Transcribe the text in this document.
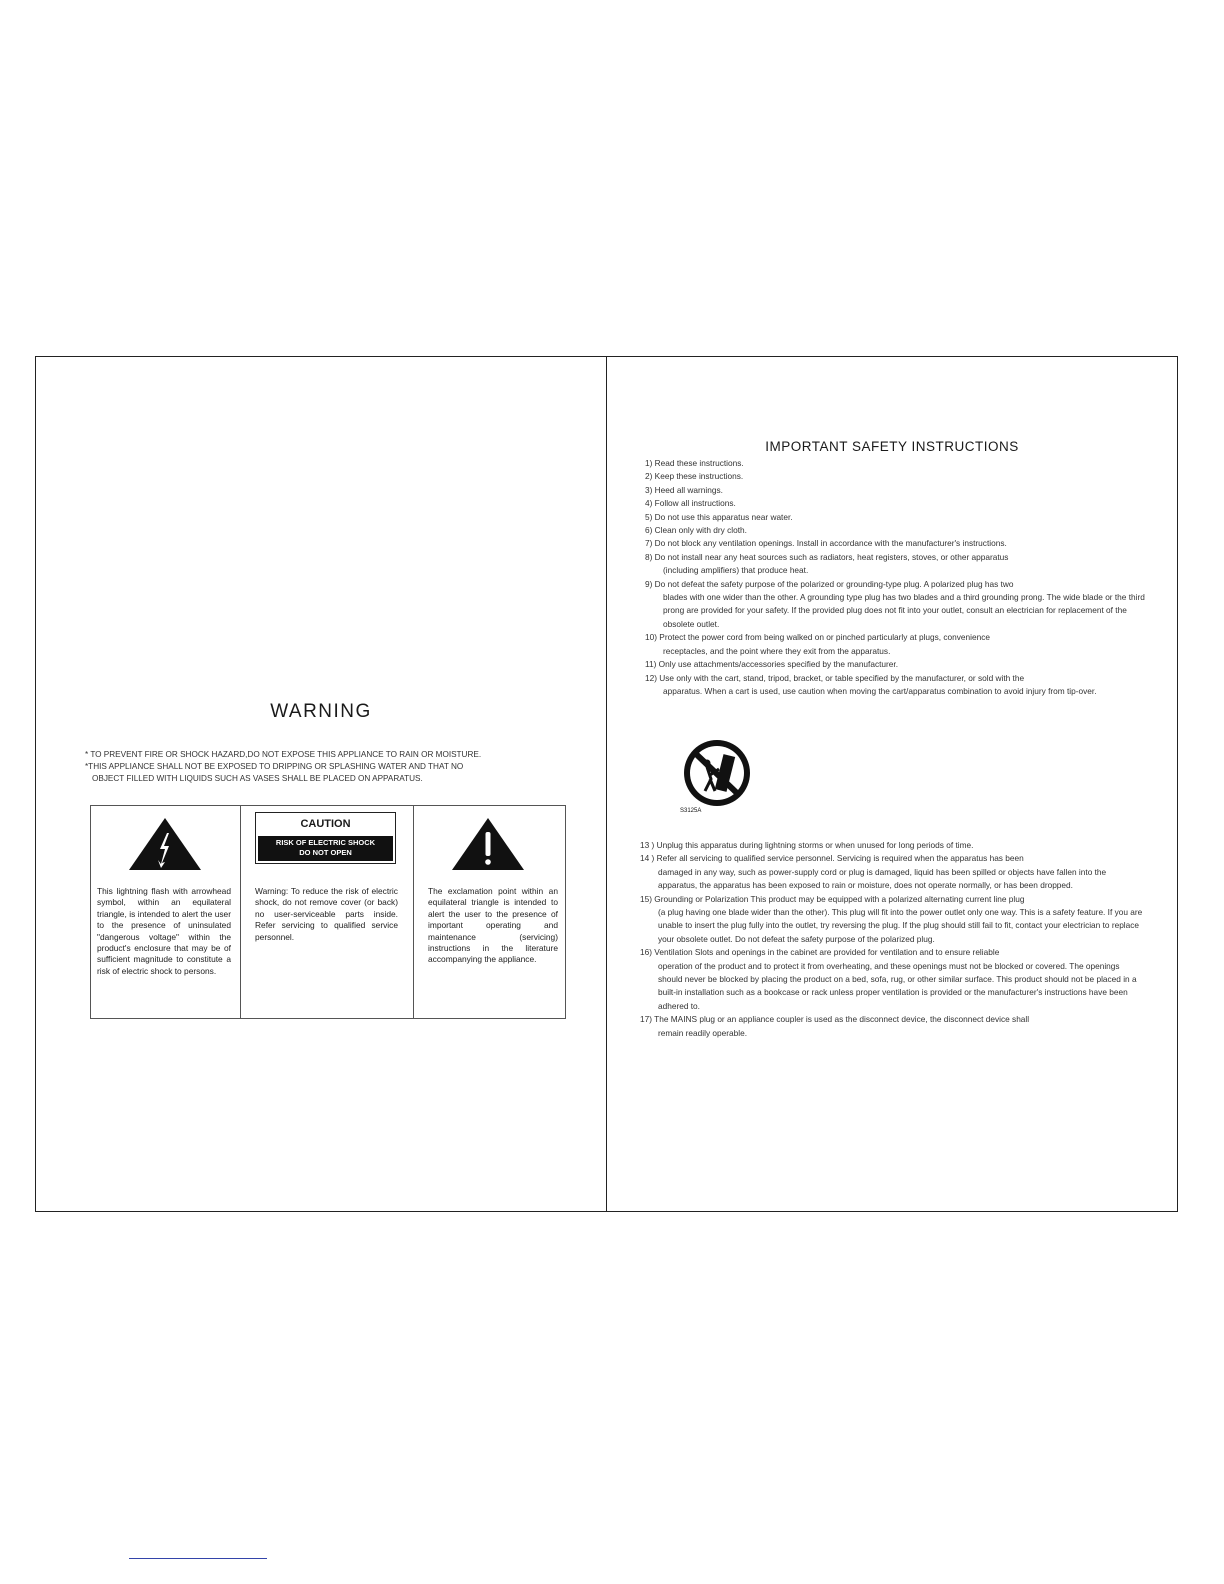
WARNING
* TO PREVENT FIRE OR SHOCK HAZARD,DO NOT EXPOSE THIS APPLIANCE TO RAIN OR MOISTURE.
*THIS APPLIANCE SHALL NOT BE EXPOSED TO DRIPPING OR SPLASHING WATER AND THAT NO
OBJECT FILLED WITH LIQUIDS SUCH AS VASES SHALL BE PLACED ON APPARATUS.
This lightning flash with arrowhead symbol, within an equilateral triangle, is intended to alert the user to the presence of uninsulated "dangerous voltage" within the product's enclosure that may be of sufficient magnitude to constitute a risk of electric shock to persons.
CAUTION
RISK OF ELECTRIC SHOCK
DO NOT OPEN
Warning: To reduce the risk of electric shock, do not remove cover (or back) no user-serviceable parts inside. Refer servicing to qualified service personnel.
The exclamation point within an equilateral triangle is intended to alert the user to the presence of important operating and maintenance (servicing) instructions in the literature accompanying the appliance.
IMPORTANT SAFETY INSTRUCTIONS
1) Read these instructions.
2) Keep these instructions.
3) Heed all warnings.
4) Follow all instructions.
5) Do not use this apparatus near water.
6) Clean only with dry cloth.
7) Do not block any ventilation openings. Install in accordance with the manufacturer's instructions.
8) Do not install near any heat sources such as radiators, heat registers, stoves, or other apparatus
(including amplifiers) that produce heat.
9) Do not defeat the safety purpose of the polarized or grounding-type plug. A polarized plug has two
blades with one wider than the other. A grounding type plug has two blades and a third grounding prong. The wide blade or the third prong are provided for your safety. If the provided plug does not fit into your outlet, consult an electrician for replacement of the obsolete outlet.
10) Protect the power cord from being walked on or pinched particularly at plugs, convenience
receptacles, and the point where they exit from the apparatus.
11) Only use attachments/accessories specified by the manufacturer.
12) Use only with the cart, stand, tripod, bracket, or table specified by the manufacturer, or sold with the
apparatus. When a cart is used, use caution when moving the cart/apparatus combination to avoid injury from tip-over.
S3125A
13 ) Unplug this apparatus during lightning storms or when unused for long periods of time.
14 ) Refer all servicing to qualified service personnel. Servicing is required when the apparatus has been
damaged in any way, such as power-supply cord or plug is damaged, liquid has been spilled or objects have fallen into the apparatus, the apparatus has been exposed to rain or moisture, does not operate normally, or has been dropped.
15) Grounding or Polarization This product may be equipped with a polarized alternating current line plug
(a plug having one blade wider than the other). This plug will fit into the power outlet only one way. This is a safety feature. If you are unable to insert the plug fully into the outlet, try reversing the plug. If the plug should still fail to fit, contact your electrician to replace your obsolete outlet. Do not defeat the safety purpose of the polarized plug.
16) Ventilation Slots and openings in the cabinet are provided for ventilation and to ensure reliable
operation of the product and to protect it from overheating, and these openings must not be blocked or covered. The openings should never be blocked by placing the product on a bed, sofa, rug, or other similar surface. This product should not be placed in a built-in installation such as a bookcase or rack unless proper ventilation is provided or the manufacturer's instructions have been adhered to.
17) The MAINS plug or an appliance coupler is used as the disconnect device, the disconnect device shall
remain readily operable.
